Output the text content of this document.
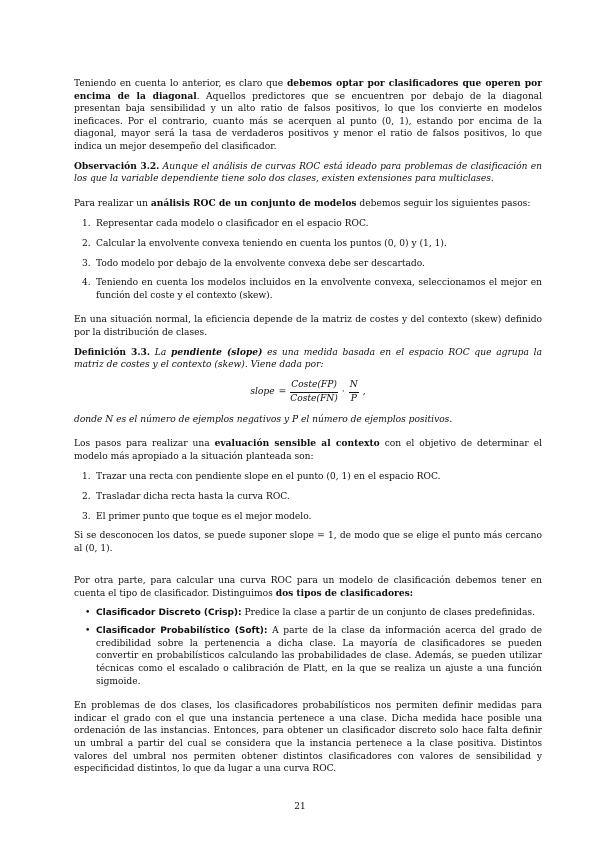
Teniendo en cuenta lo anterior, es claro que debemos optar por clasificadores que operen por encima de la diagonal. Aquellos predictores que se encuentren por debajo de la diagonal presentan baja sensibilidad y un alto ratio de falsos positivos, lo que los convierte en modelos ineficaces. Por el contrario, cuanto más se acerquen al punto (0, 1), estando por encima de la diagonal, mayor será la tasa de verdaderos positivos y menor el ratio de falsos positivos, lo que indica un mejor desempeño del clasificador.

Observación 3.2. Aunque el análisis de curvas ROC está ideado para problemas de clasificación en los que la variable dependiente tiene solo dos clases, existen extensiones para multiclases.

Para realizar un análisis ROC de un conjunto de modelos debemos seguir los siguientes pasos:

1. Representar cada modelo o clasificador en el espacio ROC.
2. Calcular la envolvente convexa teniendo en cuenta los puntos (0, 0) y (1, 1).
3. Todo modelo por debajo de la envolvente convexa debe ser descartado.
4. Teniendo en cuenta los modelos incluidos en la envolvente convexa, seleccionamos el mejor en función del coste y el contexto (skew).

En una situación normal, la eficiencia depende de la matriz de costes y del contexto (skew) definido por la distribución de clases.

Definición 3.3. La pendiente (slope) es una medida basada en el espacio ROC que agrupa la matriz de costes y el contexto (skew). Viene dada por:

slope = $\frac{\text{Coste(FP)}}{\text{Coste(FN)}} \cdot \frac{N}{P}$ ,

donde N es el número de ejemplos negativos y P el número de ejemplos positivos.

Los pasos para realizar una evaluación sensible al contexto con el objetivo de determinar el modelo más apropiado a la situación planteada son:

1. Trazar una recta con pendiente slope en el punto (0, 1) en el espacio ROC.
2. Trasladar dicha recta hasta la curva ROC.
3. El primer punto que toque es el mejor modelo.

Si se desconocen los datos, se puede suponer slope = 1, de modo que se elige el punto más cercano al (0, 1).

Por otra parte, para calcular una curva ROC para un modelo de clasificación debemos tener en cuenta el tipo de clasificador. Distinguimos dos tipos de clasificadores:

• Clasificador Discreto (Crisp): Predice la clase a partir de un conjunto de clases predefinidas.
• Clasificador Probabilístico (Soft): A parte de la clase da información acerca del grado de credibilidad sobre la pertenencia a dicha clase. La mayoría de clasificadores se pueden convertir en probabilísticos calculando las probabilidades de clase. Además, se pueden utilizar técnicas como el escalado o calibración de Platt, en la que se realiza un ajuste a una función sigmoide.

En problemas de dos clases, los clasificadores probabilísticos nos permiten definir medidas para indicar el grado con el que una instancia pertenece a una clase. Dicha medida hace posible una ordenación de las instancias. Entonces, para obtener un clasificador discreto solo hace falta definir un umbral a partir del cual se considera que la instancia pertenece a la clase positiva. Distintos valores del umbral nos permiten obtener distintos clasificadores con valores de sensibilidad y especificidad distintos, lo que da lugar a una curva ROC.

21
